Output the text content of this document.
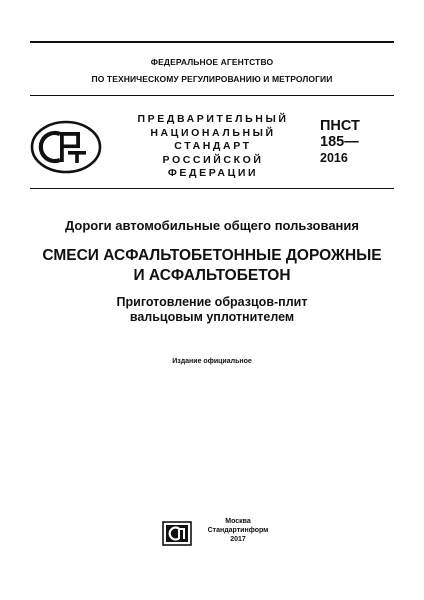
ФЕДЕРАЛЬНОЕ АГЕНТСТВО
ПО ТЕХНИЧЕСКОМУ РЕГУЛИРОВАНИЮ И МЕТРОЛОГИИ
ПРЕДВАРИТЕЛЬНЫЙ
НАЦИОНАЛЬНЫЙ
СТАНДАРТ
РОССИЙСКОЙ
ФЕДЕРАЦИИ
ПНСТ
185—
2016
Дороги автомобильные общего пользования
СМЕСИ АСФАЛЬТОБЕТОННЫЕ ДОРОЖНЫЕ
И АСФАЛЬТОБЕТОН
Приготовление образцов-плит
вальцовым уплотнителем
Издание официальное
Москва
Стандартинформ
2017
